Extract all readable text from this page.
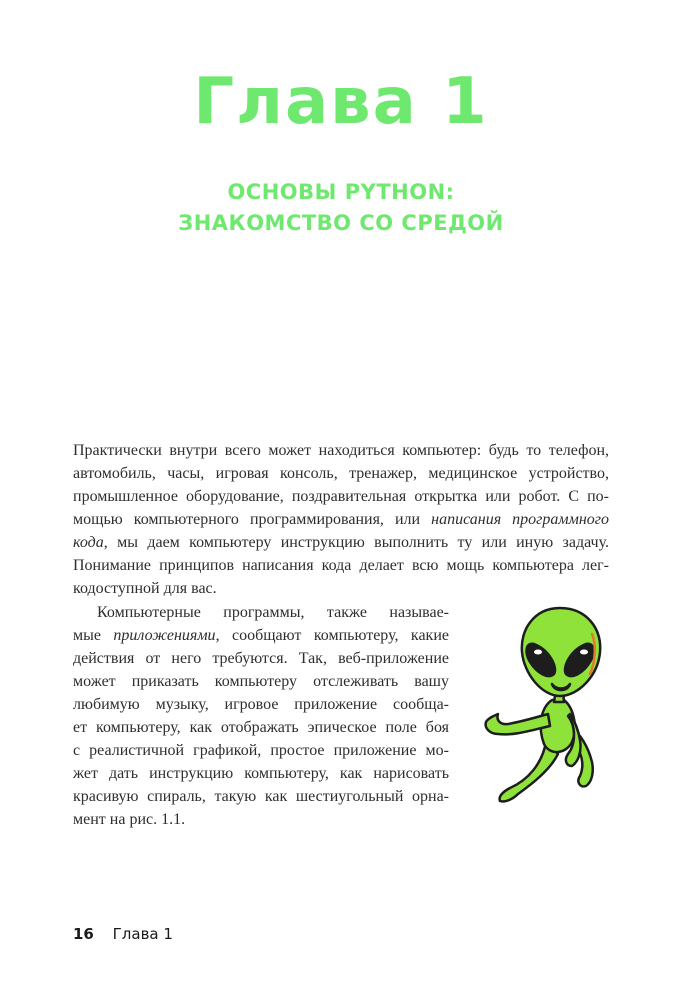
Глава 1
ОСНОВЫ PYTHON:
ЗНАКОМСТВО СО СРЕДОЙ
Практически внутри всего может находиться компьютер: будь то телефон,
автомобиль, часы, игровая консоль, тренажер, медицинское устройство,
промышленное оборудование, поздравительная открытка или робот. С по-
мощью компьютерного программирования, или написания программного
кода, мы даем компьютеру инструкцию выполнить ту или иную задачу.
Понимание принципов написания кода делает всю мощь компьютера лег-
кодоступной для вас.
Компьютерные программы, также называе-
мые приложениями, сообщают компьютеру, какие
действия от него требуются. Так, веб-приложение
может приказать компьютеру отслеживать вашу
любимую музыку, игровое приложение сообща-
ет компьютеру, как отображать эпическое поле боя
с реалистичной графикой, простое приложение мо-
жет дать инструкцию компьютеру, как нарисовать
красивую спираль, такую как шестиугольный орна-
мент на рис. 1.1.
16 Глава 1
